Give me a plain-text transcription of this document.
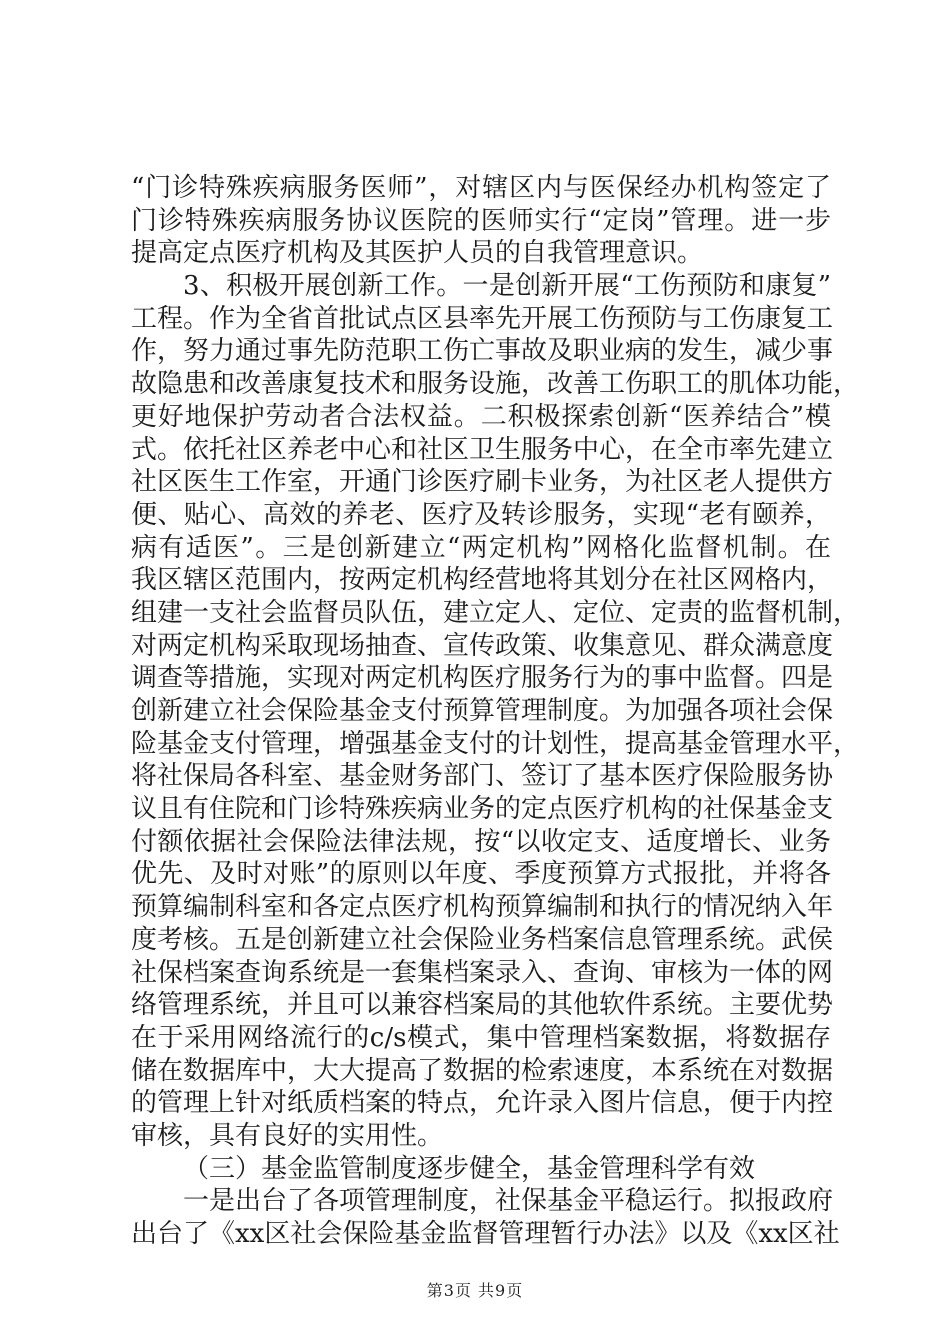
“门诊特殊疾病服务医师”，对辖区内与医保经办机构签定了
门诊特殊疾病服务协议医院的医师实行“定岗”管理。进一步
提高定点医疗机构及其医护人员的自我管理意识。
3、积极开展创新工作。一是创新开展“工伤预防和康复”
工程。作为全省首批试点区县率先开展工伤预防与工伤康复工
作，努力通过事先防范职工伤亡事故及职业病的发生，减少事
故隐患和改善康复技术和服务设施，改善工伤职工的肌体功能，
更好地保护劳动者合法权益。二积极探索创新“医养结合”模
式。依托社区养老中心和社区卫生服务中心，在全市率先建立
社区医生工作室，开通门诊医疗刷卡业务，为社区老人提供方
便、贴心、高效的养老、医疗及转诊服务，实现“老有颐养，
病有适医”。三是创新建立“两定机构”网格化监督机制。在
我区辖区范围内，按两定机构经营地将其划分在社区网格内，
组建一支社会监督员队伍，建立定人、定位、定责的监督机制，
对两定机构采取现场抽查、宣传政策、收集意见、群众满意度
调查等措施，实现对两定机构医疗服务行为的事中监督。四是
创新建立社会保险基金支付预算管理制度。为加强各项社会保
险基金支付管理，增强基金支付的计划性，提高基金管理水平，
将社保局各科室、基金财务部门、签订了基本医疗保险服务协
议且有住院和门诊特殊疾病业务的定点医疗机构的社保基金支
付额依据社会保险法律法规，按“以收定支、适度增长、业务
优先、及时对账”的原则以年度、季度预算方式报批，并将各
预算编制科室和各定点医疗机构预算编制和执行的情况纳入年
度考核。五是创新建立社会保险业务档案信息管理系统。武侯
社保档案查询系统是一套集档案录入、查询、审核为一体的网
络管理系统，并且可以兼容档案局的其他软件系统。主要优势
在于采用网络流行的c/s模式，集中管理档案数据，将数据存
储在数据库中，大大提高了数据的检索速度，本系统在对数据
的管理上针对纸质档案的特点，允许录入图片信息，便于内控
审核，具有良好的实用性。
（三）基金监管制度逐步健全，基金管理科学有效
一是出台了各项管理制度，社保基金平稳运行。拟报政府
出台了《xx区社会保险基金监督管理暂行办法》以及《xx区社
第3页 共9页
